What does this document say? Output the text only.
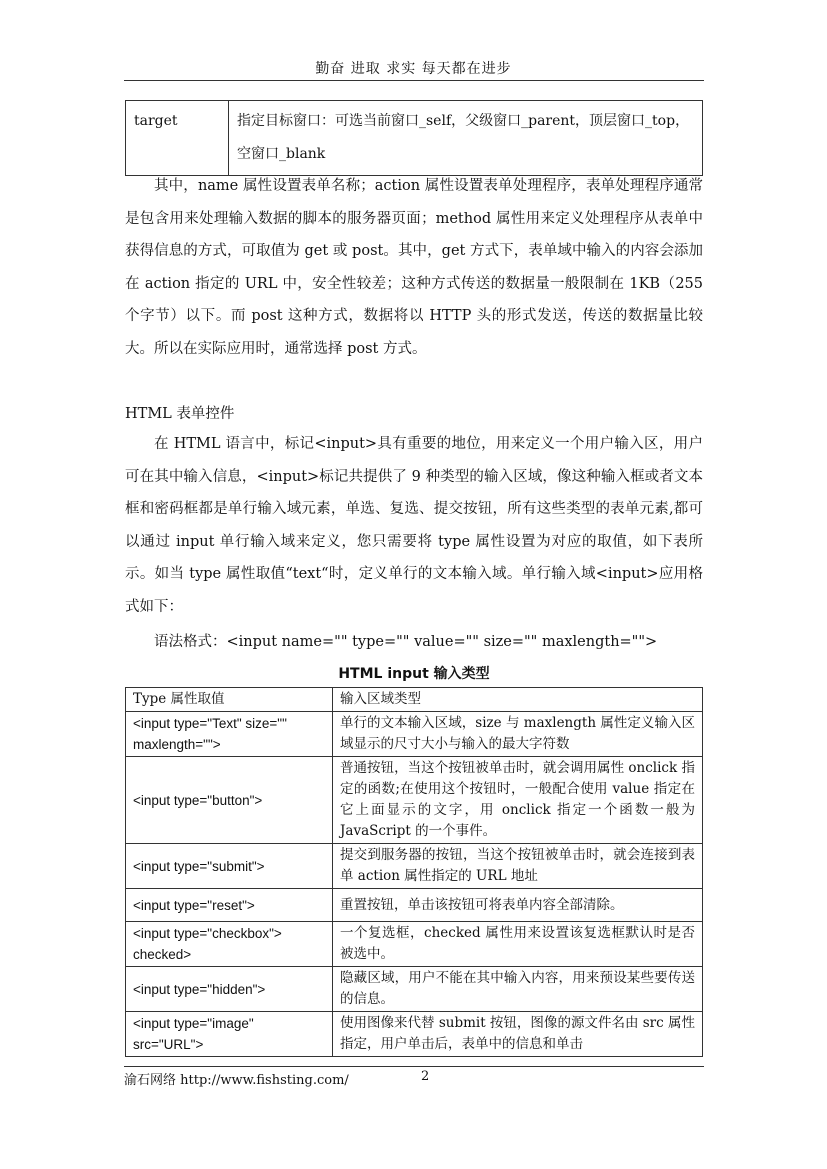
勤奋 进取 求实 每天都在进步
target	指定目标窗口：可选当前窗口_self，父级窗口_parent，顶层窗口_top，空窗口_blank

其中，name 属性设置表单名称；action 属性设置表单处理程序，表单处理程序通常是包含用来处理输入数据的脚本的服务器页面；method 属性用来定义处理程序从表单中获得信息的方式，可取值为 get 或 post。其中，get 方式下，表单域中输入的内容会添加在 action 指定的 URL 中，安全性较差；这种方式传送的数据量一般限制在 1KB（255 个字节）以下。而 post 这种方式，数据将以 HTTP 头的形式发送，传送的数据量比较大。所以在实际应用时，通常选择 post 方式。

HTML 表单控件

在 HTML 语言中，标记<input>具有重要的地位，用来定义一个用户输入区，用户可在其中输入信息，<input>标记共提供了 9 种类型的输入区域，像这种输入框或者文本框和密码框都是单行输入域元素，单选、复选、提交按钮，所有这些类型的表单元素,都可以通过 input 单行输入域来定义，您只需要将 type 属性设置为对应的取值，如下表所示。如当 type 属性取值“text“时，定义单行的文本输入域。单行输入域<input>应用格式如下：

语法格式：<input name="" type="" value="" size="" maxlength="">

HTML input 输入类型
Type 属性取值	输入区域类型
<input type="Text" size="" maxlength="">	单行的文本输入区域，size 与 maxlength 属性定义输入区域显示的尺寸大小与输入的最大字符数
<input type="button">	普通按钮，当这个按钮被单击时，就会调用属性 onclick 指定的函数;在使用这个按钮时，一般配合使用 value 指定在它上面显示的文字，用 onclick 指定一个函数一般为 JavaScript 的一个事件。
<input type="submit">	提交到服务器的按钮，当这个按钮被单击时，就会连接到表单 action 属性指定的 URL 地址
<input type="reset">	重置按钮，单击该按钮可将表单内容全部清除。
<input type="checkbox"> checked>	一个复选框，checked 属性用来设置该复选框默认时是否被选中。
<input type="hidden">	隐藏区域，用户不能在其中输入内容，用来预设某些要传送的信息。
<input type="image" src="URL">	使用图像来代替 submit 按钮，图像的源文件名由 src 属性指定，用户单击后，表单中的信息和单击
渝石网络 http://www.fishsting.com/	2
